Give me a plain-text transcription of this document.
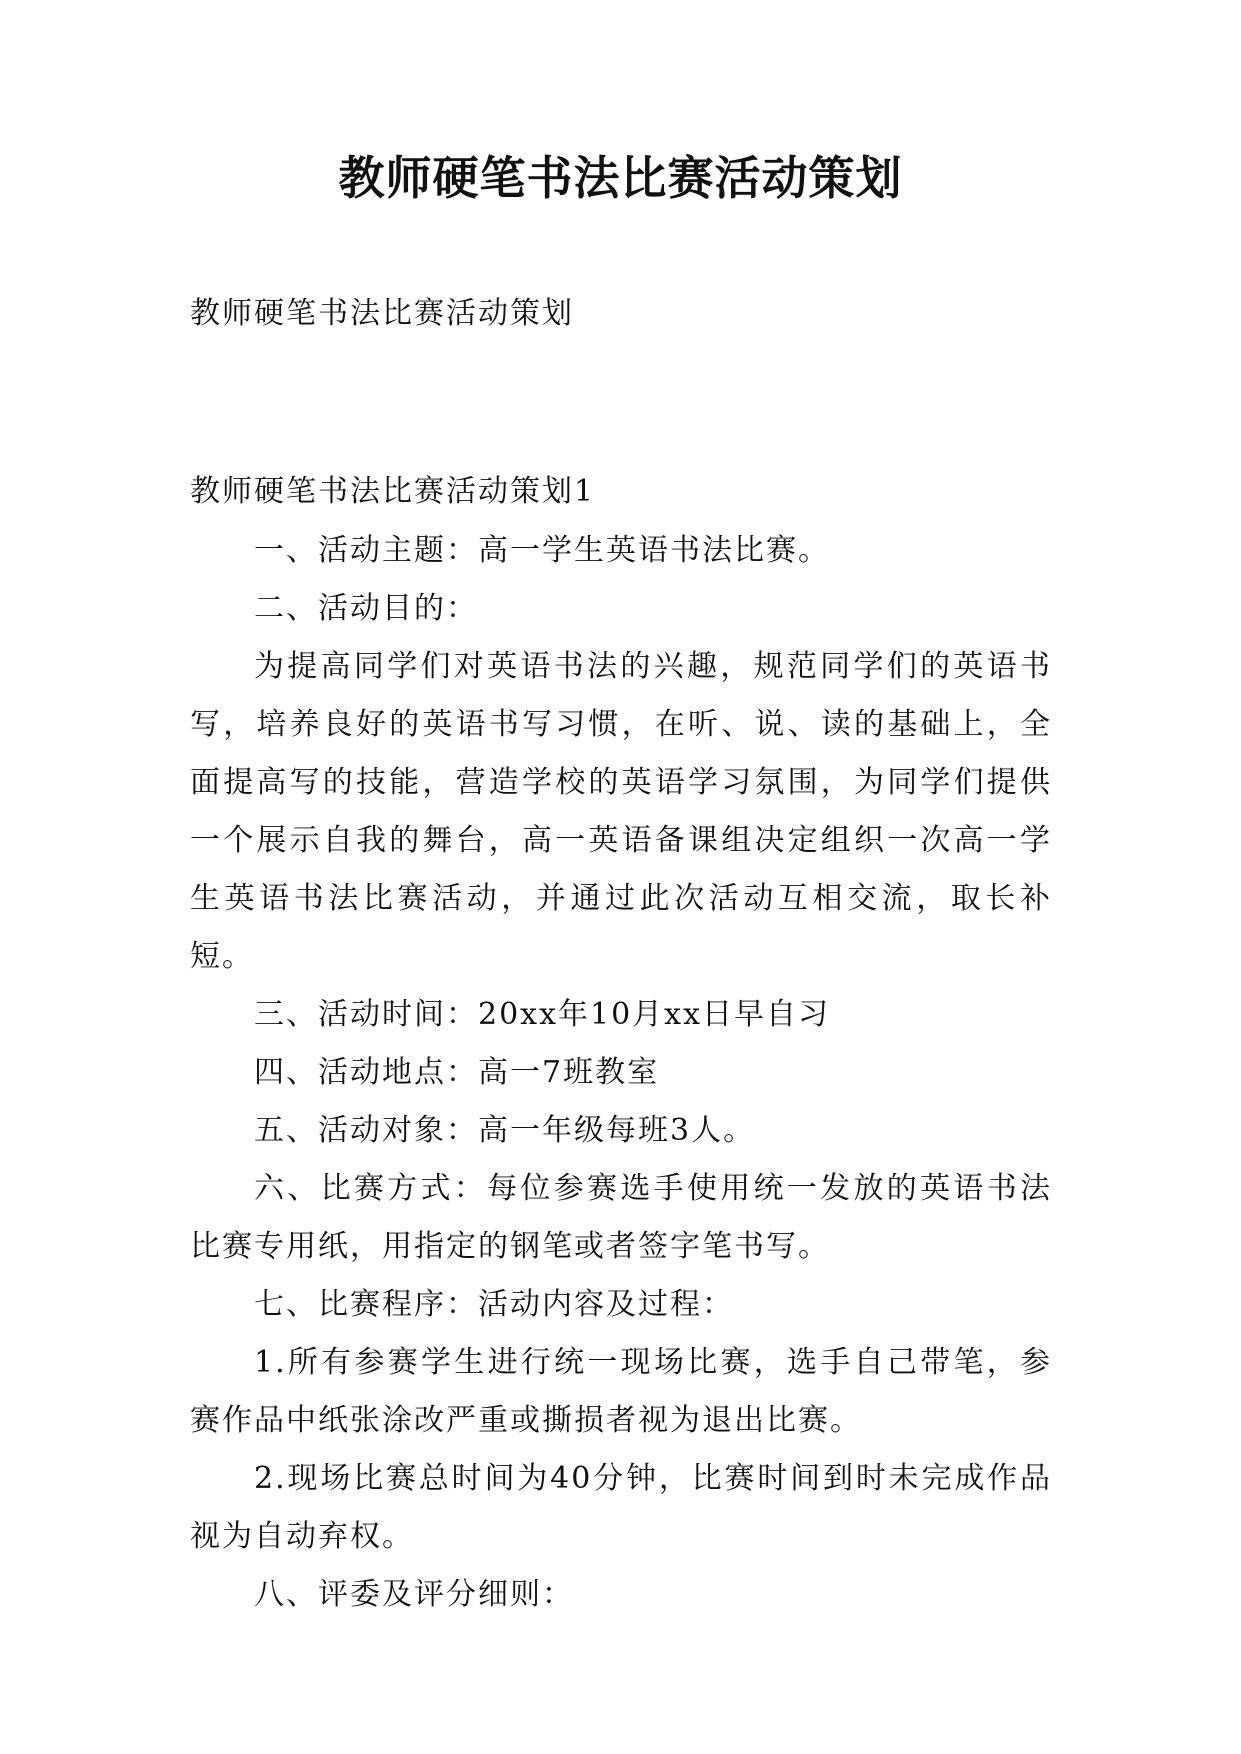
教师硬笔书法比赛活动策划
教师硬笔书法比赛活动策划
教师硬笔书法比赛活动策划1

一、活动主题：高一学生英语书法比赛。

二、活动目的：

为提高同学们对英语书法的兴趣，规范同学们的英语书写，培养良好的英语书写习惯，在听、说、读的基础上，全面提高写的技能，营造学校的英语学习氛围，为同学们提供一个展示自我的舞台，高一英语备课组决定组织一次高一学生英语书法比赛活动，并通过此次活动互相交流，取长补短。

三、活动时间：20xx年10月xx日早自习

四、活动地点：高一7班教室

五、活动对象：高一年级每班3人。

六、比赛方式：每位参赛选手使用统一发放的英语书法比赛专用纸，用指定的钢笔或者签字笔书写。

七、比赛程序：活动内容及过程：

1.所有参赛学生进行统一现场比赛，选手自己带笔，参赛作品中纸张涂改严重或撕损者视为退出比赛。

2.现场比赛总时间为40分钟，比赛时间到时未完成作品视为自动弃权。

八、评委及评分细则：
